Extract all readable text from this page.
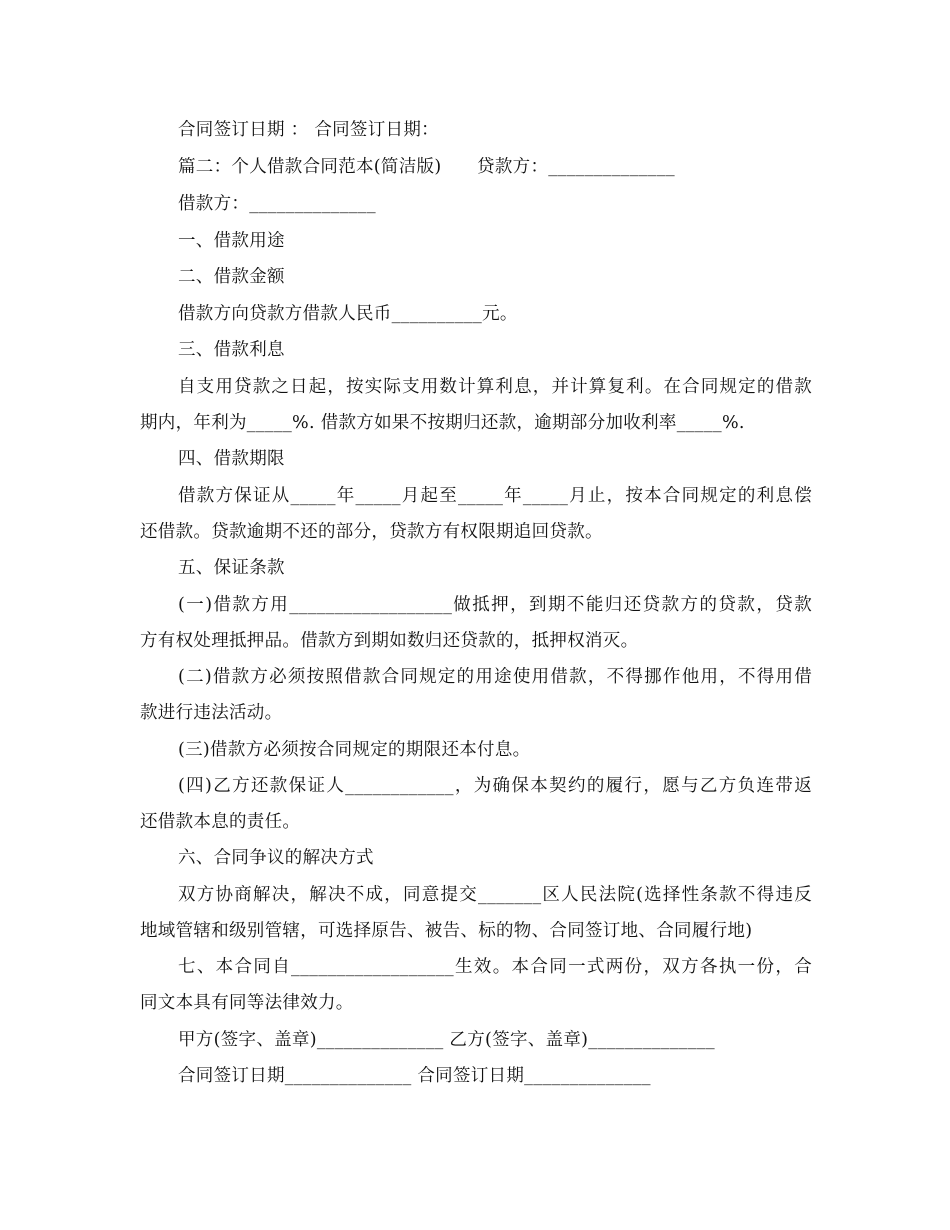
合同签订日期 ： 合同签订日期：
篇二：个人借款合同范本(简洁版)　　贷款方：______________
借款方：______________
一、借款用途
二、借款金额
借款方向贷款方借款人民币__________元。
三、借款利息
自支用贷款之日起，按实际支用数计算利息，并计算复利。在合同规定的借款
期内，年利为_____%. 借款方如果不按期归还款，逾期部分加收利率_____%.
四、借款期限
借款方保证从_____年_____月起至_____年_____月止，按本合同规定的利息偿
还借款。贷款逾期不还的部分，贷款方有权限期追回贷款。
五、保证条款
(一)借款方用__________________做抵押，到期不能归还贷款方的贷款，贷款
方有权处理抵押品。借款方到期如数归还贷款的，抵押权消灭。
(二)借款方必须按照借款合同规定的用途使用借款，不得挪作他用，不得用借
款进行违法活动。
(三)借款方必须按合同规定的期限还本付息。
(四)乙方还款保证人____________，为确保本契约的履行，愿与乙方负连带返
还借款本息的责任。
六、合同争议的解决方式
双方协商解决，解决不成，同意提交_______区人民法院(选择性条款不得违反
地域管辖和级别管辖，可选择原告、被告、标的物、合同签订地、合同履行地)
七、本合同自__________________生效。本合同一式两份，双方各执一份，合
同文本具有同等法律效力。
甲方(签字、盖章)______________ 乙方(签字、盖章)______________
合同签订日期______________ 合同签订日期______________
